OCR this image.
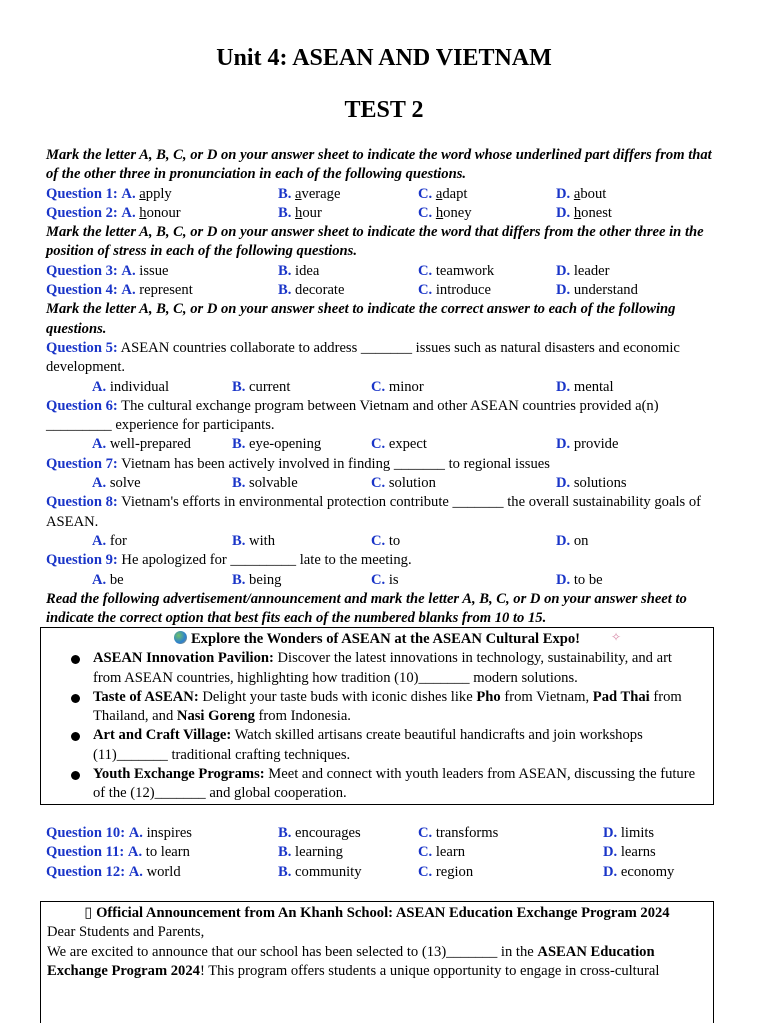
Unit 4: ASEAN AND VIETNAM
TEST 2
Mark the letter A, B, C, or D on your answer sheet to indicate the word whose underlined part differs from that of the other three in pronunciation in each of the following questions.
Question 1: A. apply	B. average	C. adapt	D. about
Question 2: A. honour	B. hour	C. honey	D. honest
Mark the letter A, B, C, or D on your answer sheet to indicate the word that differs from the other three in the position of stress in each of the following questions.
Question 3: A. issue	B. idea	C. teamwork	D. leader
Question 4: A. represent	B. decorate	C. introduce	D. understand
Mark the letter A, B, C, or D on your answer sheet to indicate the correct answer to each of the following questions.
Question 5: ASEAN countries collaborate to address _______ issues such as natural disasters and economic development.
A. individual	B. current	C. minor	D. mental
Question 6: The cultural exchange program between Vietnam and other ASEAN countries provided a(n) _________ experience for participants.
A. well-prepared	B. eye-opening	C. expect	D. provide
Question 7: Vietnam has been actively involved in finding _______ to regional issues
A. solve	B. solvable	C. solution	D. solutions
Question 8: Vietnam's efforts in environmental protection contribute _______ the overall sustainability goals of ASEAN.
A. for	B. with	C. to	D. on
Question 9: He apologized for _________ late to the meeting.
A. be	B. being	C. is	D. to be
Read the following advertisement/announcement and mark the letter A, B, C, or D on your answer sheet to indicate the correct option that best fits each of the numbered blanks from 10 to 15.
Explore the Wonders of ASEAN at the ASEAN Cultural Expo!	✧
ASEAN Innovation Pavilion: Discover the latest innovations in technology, sustainability, and art from ASEAN countries, highlighting how tradition (10)_______ modern solutions.
Taste of ASEAN: Delight your taste buds with iconic dishes like Pho from Vietnam, Pad Thai from Thailand, and Nasi Goreng from Indonesia.
Art and Craft Village: Watch skilled artisans create beautiful handicrafts and join workshops (11)_______ traditional crafting techniques.
Youth Exchange Programs: Meet and connect with youth leaders from ASEAN, discussing the future of the (12)_______ and global cooperation.
Question 10: A. inspires	B. encourages	C. transforms	D. limits
Question 11: A. to learn	B. learning	C. learn	D. learns
Question 12: A. world	B. community	C. region	D. economy
▯ Official Announcement from An Khanh School: ASEAN Education Exchange Program 2024
Dear Students and Parents,
We are excited to announce that our school has been selected to (13)_______ in the ASEAN Education Exchange Program 2024! This program offers students a unique opportunity to engage in cross-cultural
